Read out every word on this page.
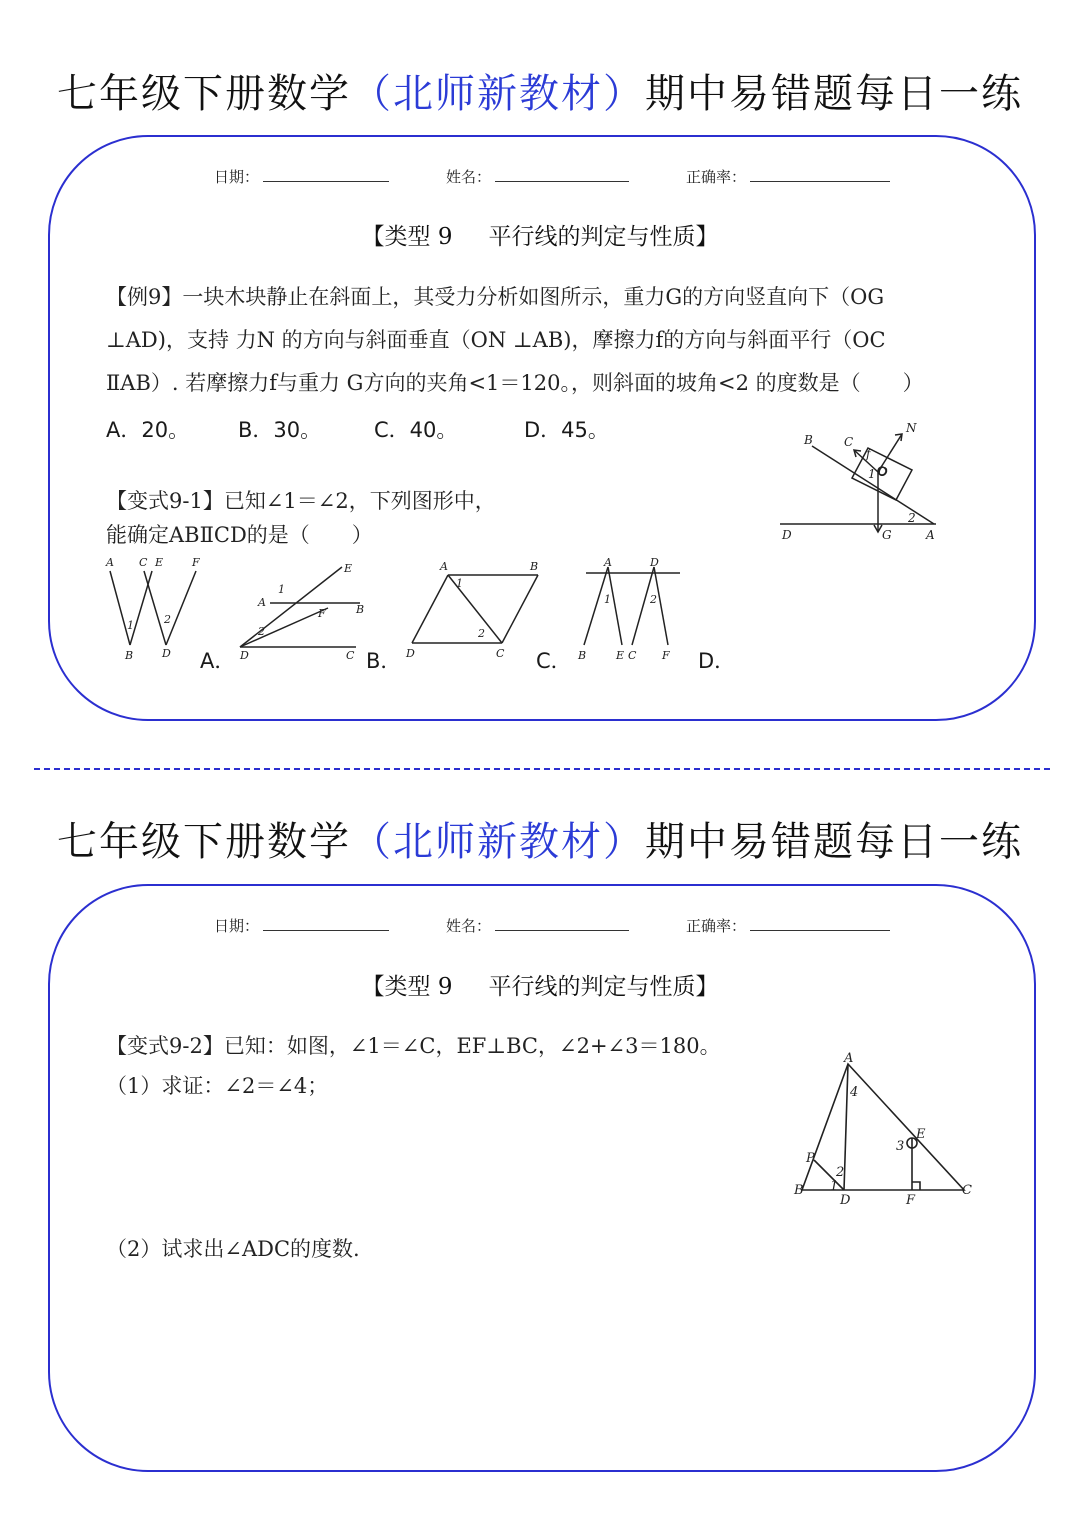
七年级下册数学（北师新教材）期中易错题每日一练
日期：	姓名：	正确率：
【类型 9 平行线的判定与性质】
【例9】一块木块静止在斜面上，其受力分析如图所示，重力G的方向竖直向下（OG
⊥AD)，支持 力N 的方向与斜面垂直（ON ⊥AB)，摩擦力f的方向与斜面平行（OC
ⅡAB）. 若摩擦力f与重力 G方向的夹角<1＝120。，则斜面的坡角<2 的度数是（　　）
A．20。 B．30。	C．40。	D．45。	B	C
N
f
O
1
2
D	G	A
【变式9-1】已知∠1＝∠2，下列图形中，
能确定ABⅡCD的是（　　）
A C E	F
1	2
B	D A．
E
A
1
B
F
2
D	C B．
A	B
1
2
D	C C．
A	D
1	2
B	E C F D．
七年级下册数学（北师新教材）期中易错题每日一练
日期：	姓名：	正确率：
【类型 9 平行线的判定与性质】
【变式9-2】已知：如图，∠1＝∠C，EF⊥BC，∠2+∠3＝180。
（1）求证：∠2＝∠4；
（2）试求出∠ADC的度数.
A
4
E
3
P
2
1
B
D	F
C
